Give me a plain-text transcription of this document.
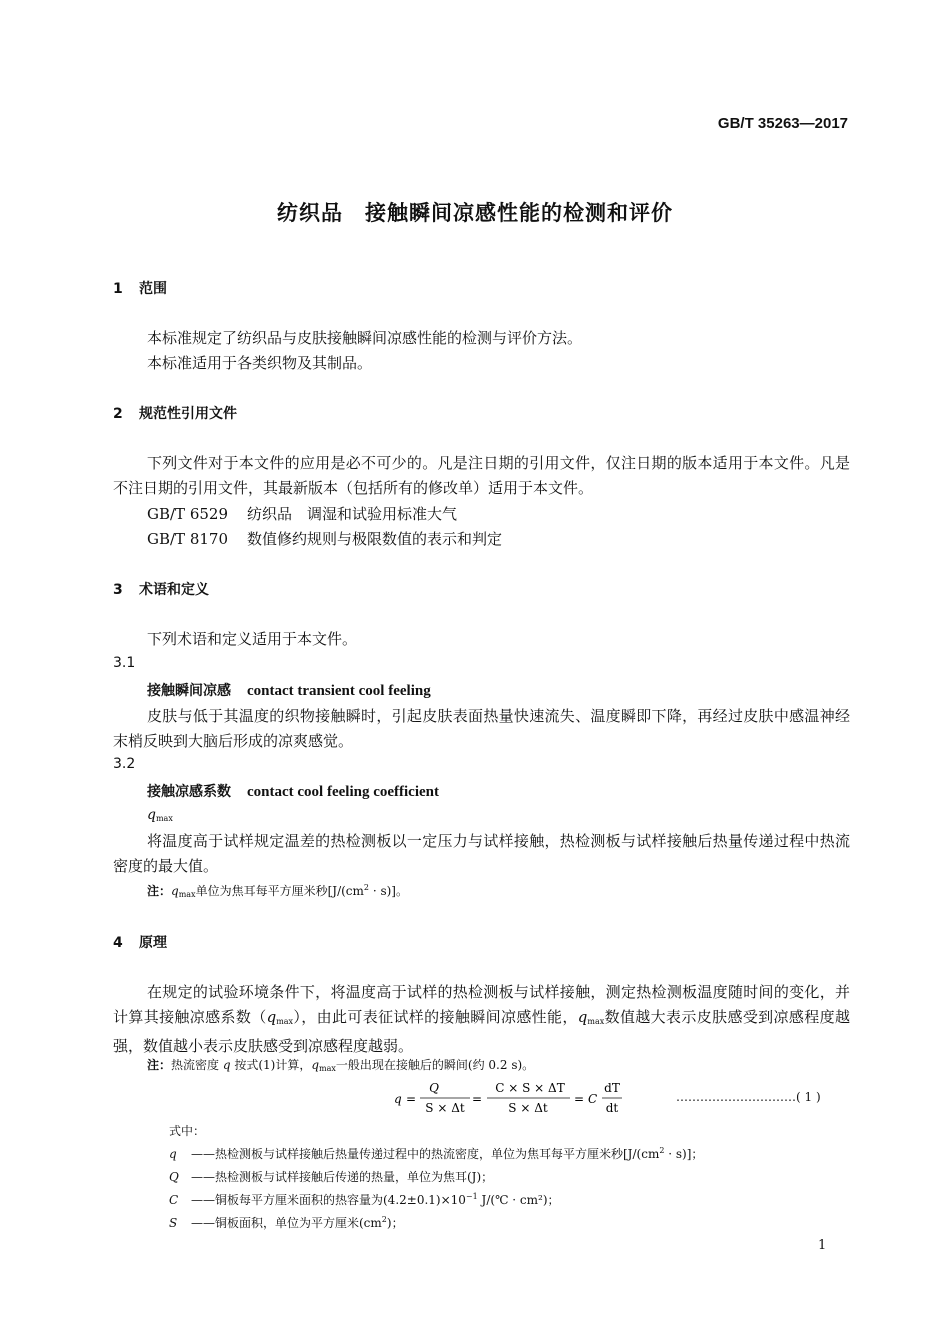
GB/T 35263—2017
纺织品　接触瞬间凉感性能的检测和评价
1 范围
本标准规定了纺织品与皮肤接触瞬间凉感性能的检测与评价方法。
本标准适用于各类织物及其制品。
2 规范性引用文件
下列文件对于本文件的应用是必不可少的。凡是注日期的引用文件，仅注日期的版本适用于本文件。凡是不注日期的引用文件，其最新版本（包括所有的修改单）适用于本文件。
GB/T 6529 纺织品　调湿和试验用标准大气
GB/T 8170 数值修约规则与极限数值的表示和判定
3 术语和定义
下列术语和定义适用于本文件。
3.1
接触瞬间凉感 contact transient cool feeling
皮肤与低于其温度的织物接触瞬时，引起皮肤表面热量快速流失、温度瞬即下降，再经过皮肤中感温神经末梢反映到大脑后形成的凉爽感觉。
3.2
接触凉感系数 contact cool feeling coefficient
$q_{max}$
将温度高于试样规定温差的热检测板以一定压力与试样接触，热检测板与试样接触后热量传递过程中热流密度的最大值。
注：$q_{max}$单位为焦耳每平方厘米秒$[J/(cm^2 \cdot s)]$。
4 原理
在规定的试验环境条件下，将温度高于试样的热检测板与试样接触，测定热检测板温度随时间的变化，并计算其接触凉感系数$(q_{max})$，由此可表征试样的接触瞬间凉感性能，$q_{max}$数值越大表示皮肤感受到凉感程度越强，数值越小表示皮肤感受到凉感程度越弱。
注：热流密度 q 按式(1)计算，$q_{max}$一般出现在接触后的瞬间(约 0.2 s)。
q =
Q
S × Δt
=
C × S × ΔT
S × Δt
= C
dT
dt
…………………………( 1 )
式中：
q ——热检测板与试样接触后热量传递过程中的热流密度，单位为焦耳每平方厘米秒$[J/(cm^2 \cdot s)]$；
Q ——热检测板与试样接触后传递的热量，单位为焦耳(J)；
C ——铜板每平方厘米面积的热容量为$(4.2\pm 0.1)\times 10^{-1}$ J/(℃ · cm²)；
S ——铜板面积，单位为平方厘米$(cm^2)$；
1
